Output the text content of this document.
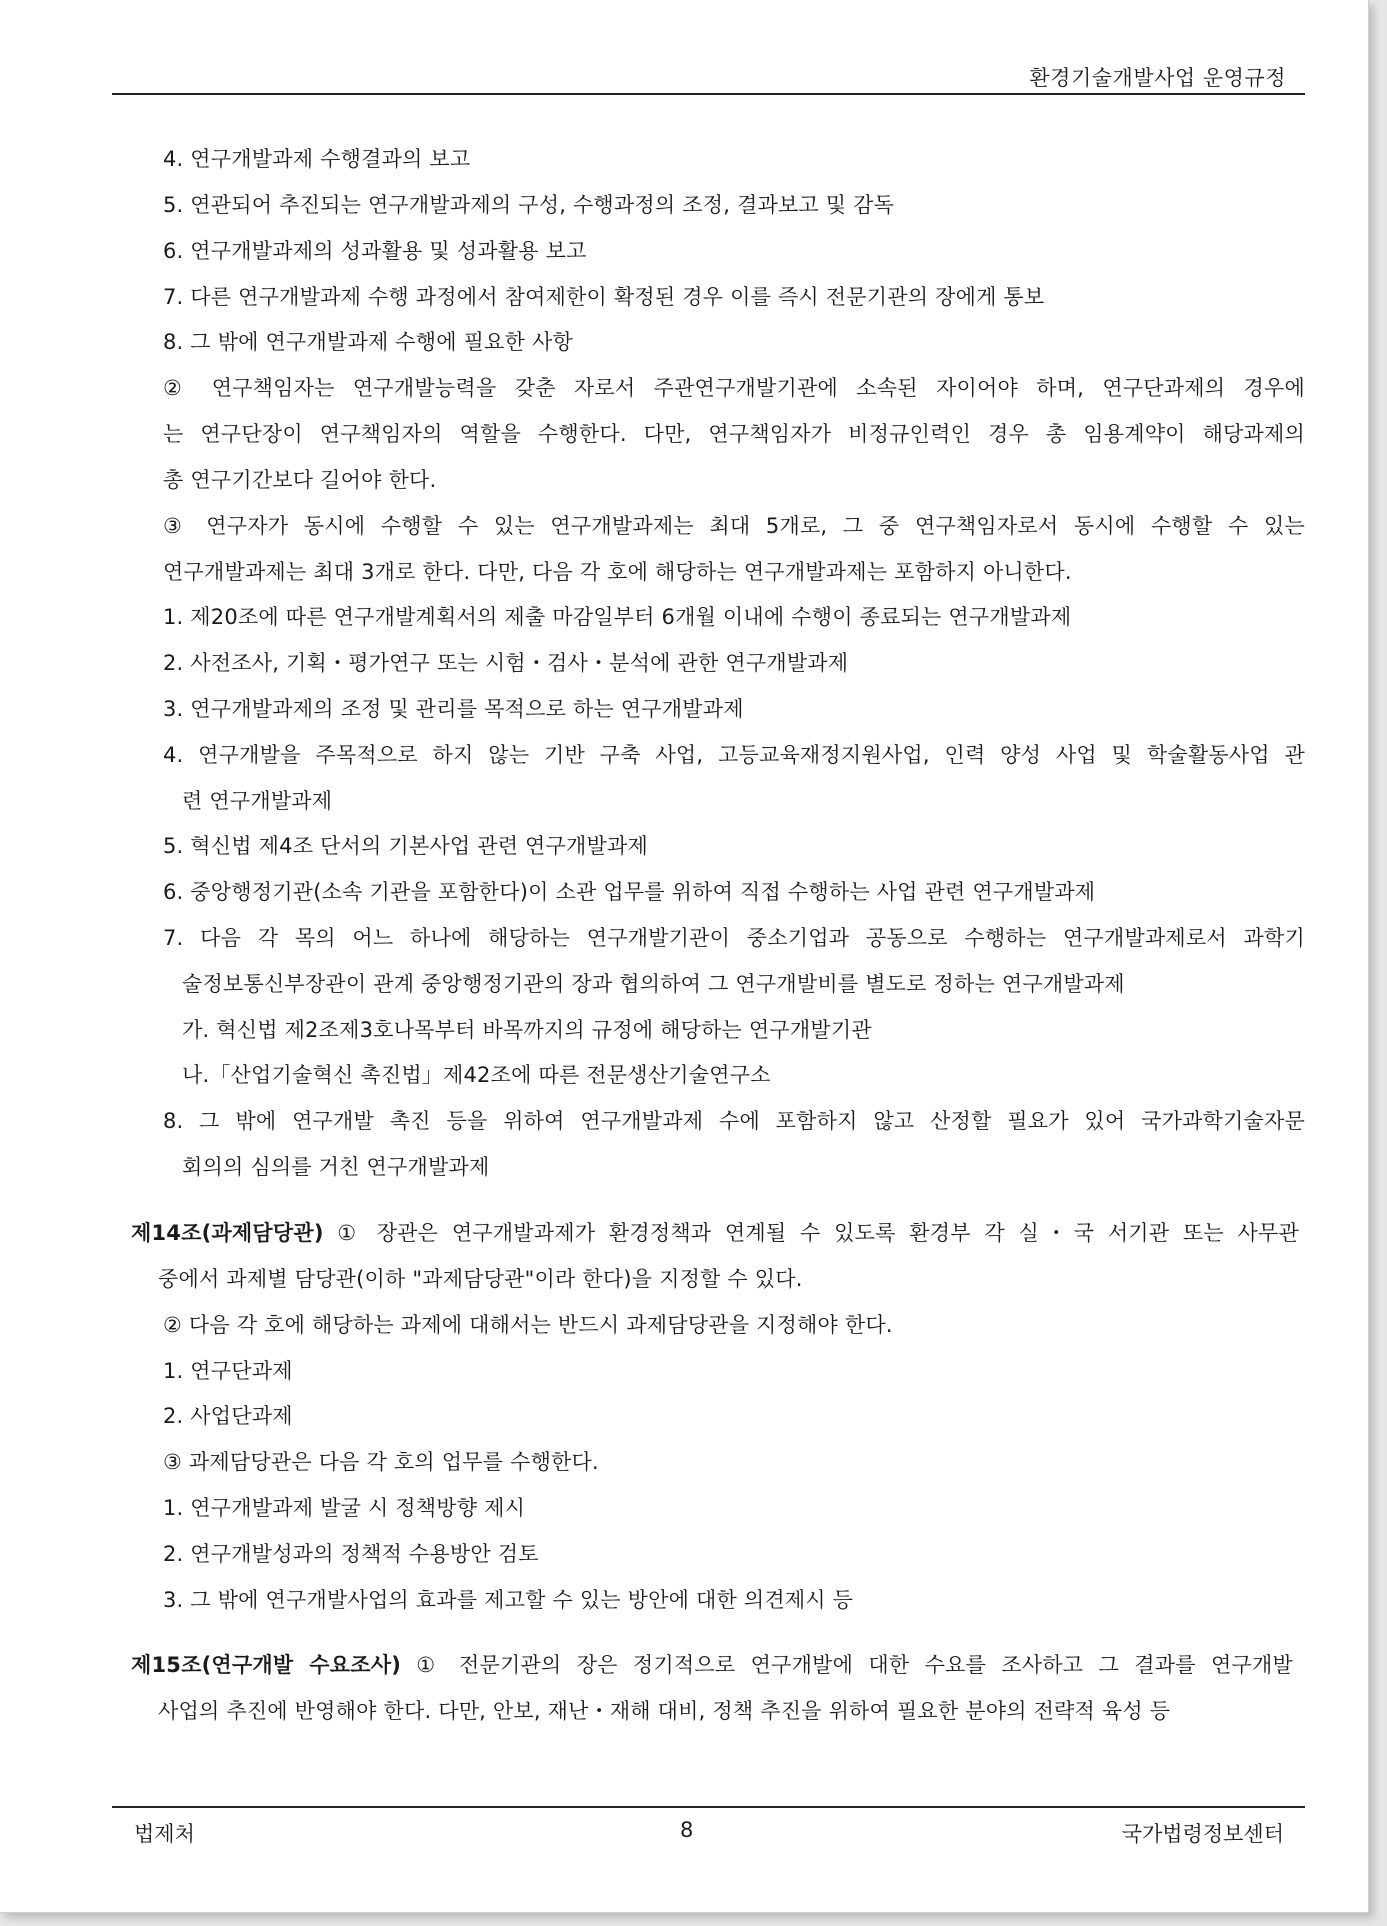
환경기술개발사업 운영규정
4. 연구개발과제 수행결과의 보고
5. 연관되어 추진되는 연구개발과제의 구성, 수행과정의 조정, 결과보고 및 감독
6. 연구개발과제의 성과활용 및 성과활용 보고
7. 다른 연구개발과제 수행 과정에서 참여제한이 확정된 경우 이를 즉시 전문기관의 장에게 통보
8. 그 밖에 연구개발과제 수행에 필요한 사항
② 연구책임자는 연구개발능력을 갖춘 자로서 주관연구개발기관에 소속된 자이어야 하며, 연구단과제의 경우에
는 연구단장이 연구책임자의 역할을 수행한다. 다만, 연구책임자가 비정규인력인 경우 총 임용계약이 해당과제의
총 연구기간보다 길어야 한다.
③ 연구자가 동시에 수행할 수 있는 연구개발과제는 최대 5개로, 그 중 연구책임자로서 동시에 수행할 수 있는
연구개발과제는 최대 3개로 한다. 다만, 다음 각 호에 해당하는 연구개발과제는 포함하지 아니한다.
1. 제20조에 따른 연구개발계획서의 제출 마감일부터 6개월 이내에 수행이 종료되는 연구개발과제
2. 사전조사, 기획・평가연구 또는 시험・검사・분석에 관한 연구개발과제
3. 연구개발과제의 조정 및 관리를 목적으로 하는 연구개발과제
4. 연구개발을 주목적으로 하지 않는 기반 구축 사업, 고등교육재정지원사업, 인력 양성 사업 및 학술활동사업 관
련 연구개발과제
5. 혁신법 제4조 단서의 기본사업 관련 연구개발과제
6. 중앙행정기관(소속 기관을 포함한다)이 소관 업무를 위하여 직접 수행하는 사업 관련 연구개발과제
7. 다음 각 목의 어느 하나에 해당하는 연구개발기관이 중소기업과 공동으로 수행하는 연구개발과제로서 과학기
술정보통신부장관이 관계 중앙행정기관의 장과 협의하여 그 연구개발비를 별도로 정하는 연구개발과제
가. 혁신법 제2조제3호나목부터 바목까지의 규정에 해당하는 연구개발기관
나.「산업기술혁신 촉진법」제42조에 따른 전문생산기술연구소
8. 그 밖에 연구개발 촉진 등을 위하여 연구개발과제 수에 포함하지 않고 산정할 필요가 있어 국가과학기술자문
회의의 심의를 거친 연구개발과제
제14조(과제담당관) ① 장관은 연구개발과제가 환경정책과 연계될 수 있도록 환경부 각 실・국 서기관 또는 사무관
중에서 과제별 담당관(이하 "과제담당관"이라 한다)을 지정할 수 있다.
② 다음 각 호에 해당하는 과제에 대해서는 반드시 과제담당관을 지정해야 한다.
1. 연구단과제
2. 사업단과제
③ 과제담당관은 다음 각 호의 업무를 수행한다.
1. 연구개발과제 발굴 시 정책방향 제시
2. 연구개발성과의 정책적 수용방안 검토
3. 그 밖에 연구개발사업의 효과를 제고할 수 있는 방안에 대한 의견제시 등
제15조(연구개발 수요조사) ① 전문기관의 장은 정기적으로 연구개발에 대한 수요를 조사하고 그 결과를 연구개발
사업의 추진에 반영해야 한다. 다만, 안보, 재난・재해 대비, 정책 추진을 위하여 필요한 분야의 전략적 육성 등
법제처	8	국가법령정보센터
